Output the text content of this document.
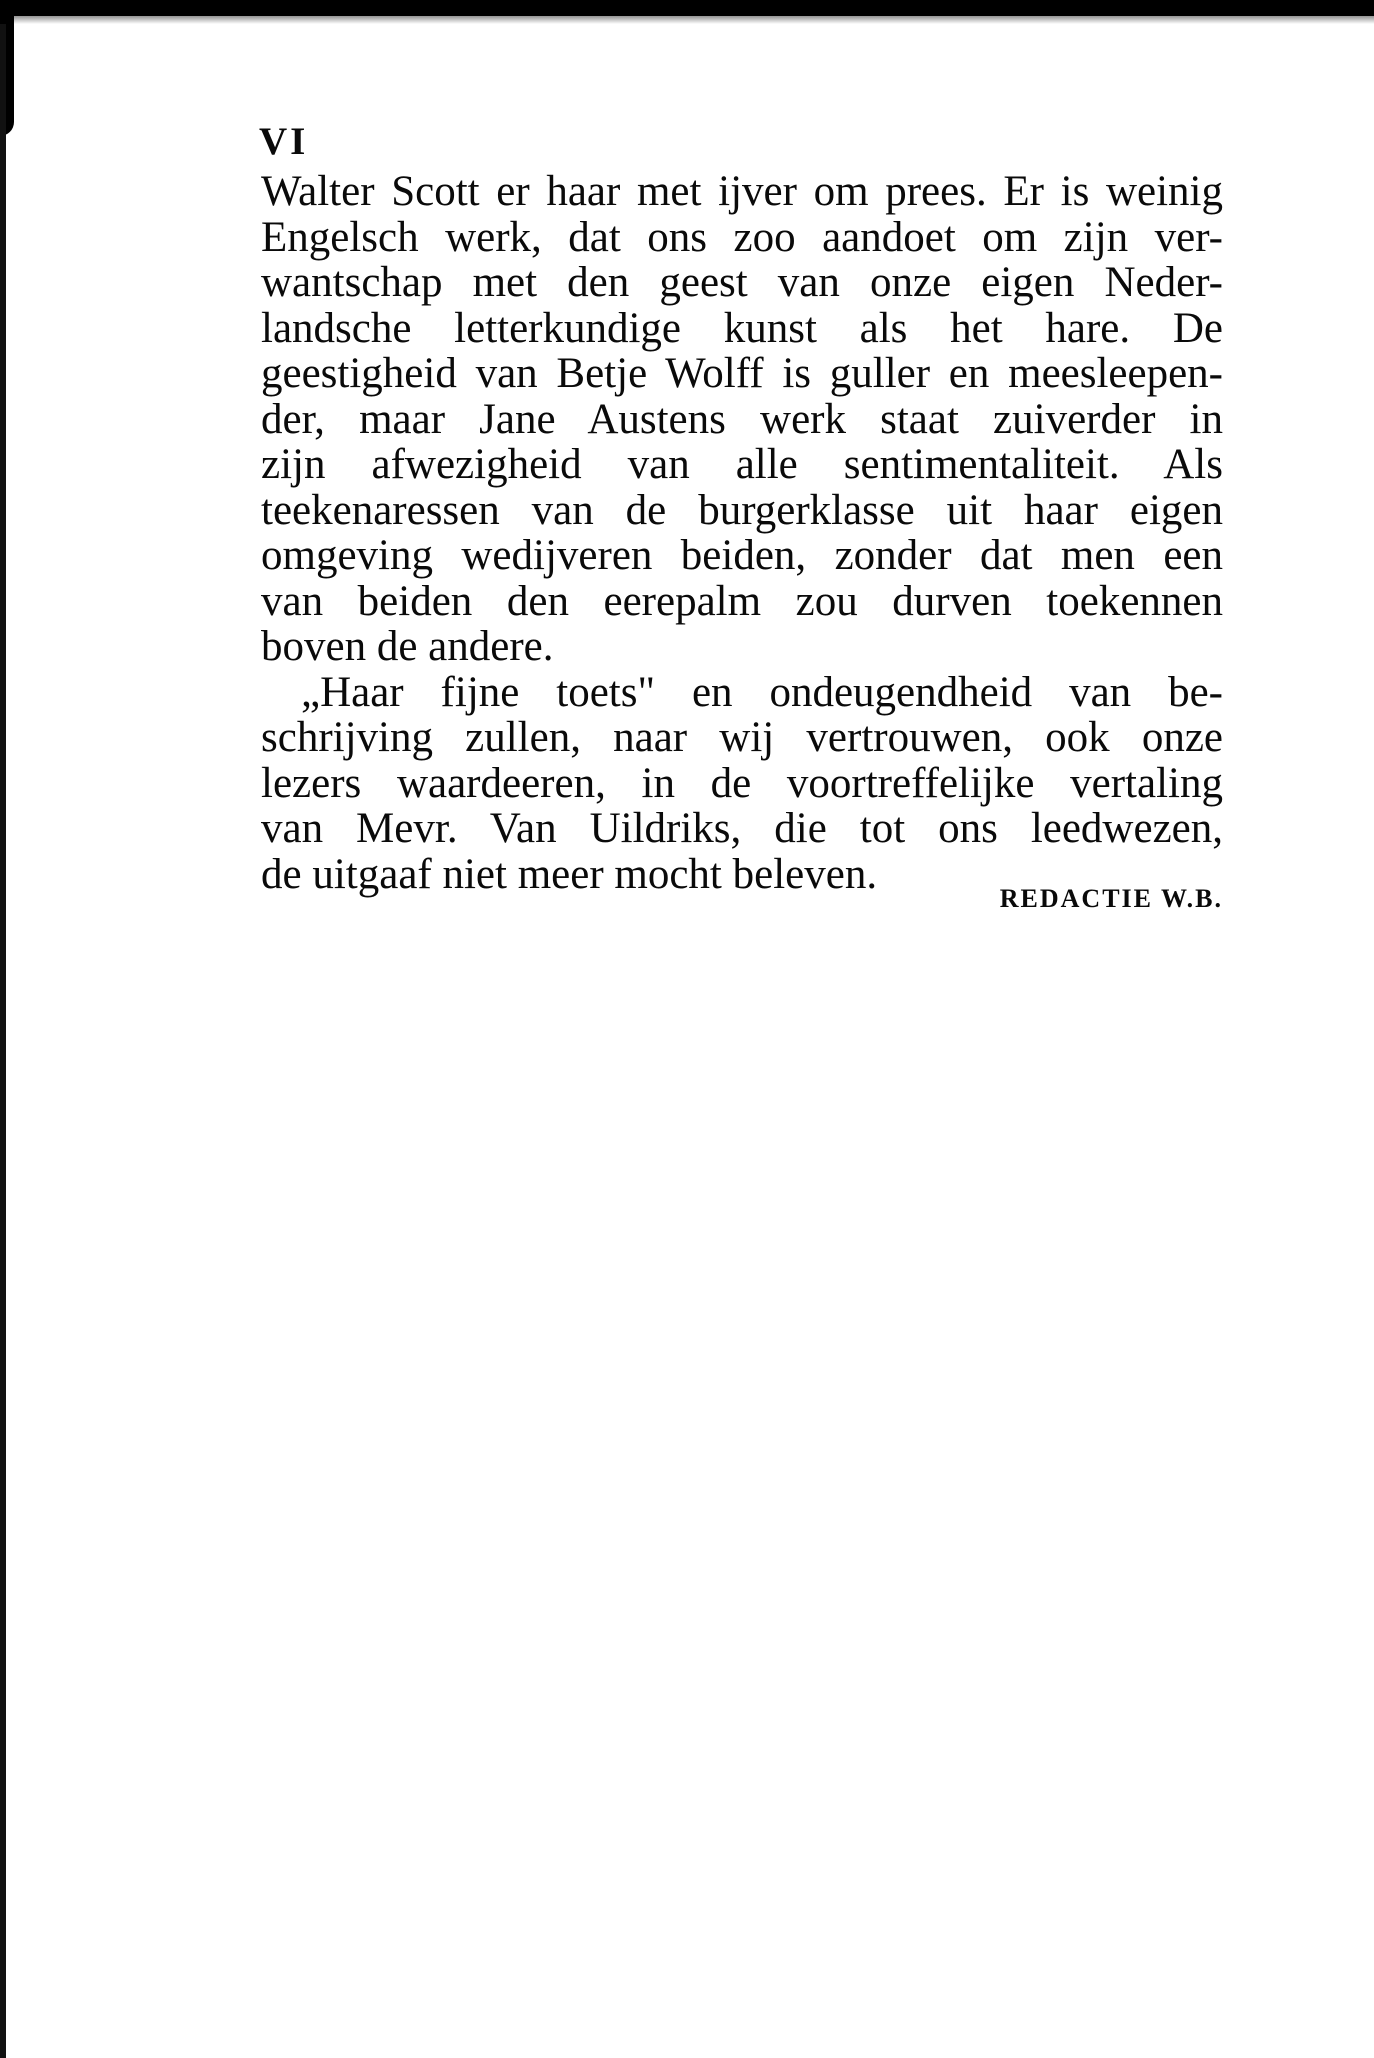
VI

Walter Scott er haar met ijver om prees. Er is weinig
Engelsch werk, dat ons zoo aandoet om zijn ver-
wantschap met den geest van onze eigen Neder-
landsche letterkundige kunst als het hare. De
geestigheid van Betje Wolff is guller en meesleepen-
der, maar Jane Austens werk staat zuiverder in
zijn afwezigheid van alle sentimentaliteit. Als
teekenaressen van de burgerklasse uit haar eigen
omgeving wedijveren beiden, zonder dat men een
van beiden den eerepalm zou durven toekennen
boven de andere.
„Haar fijne toets" en ondeugendheid van be-
schrijving zullen, naar wij vertrouwen, ook onze
lezers waardeeren, in de voortreffelijke vertaling
van Mevr. Van Uildriks, die tot ons leedwezen,
de uitgaaf niet meer mocht beleven.

REDACTIE W.B.
